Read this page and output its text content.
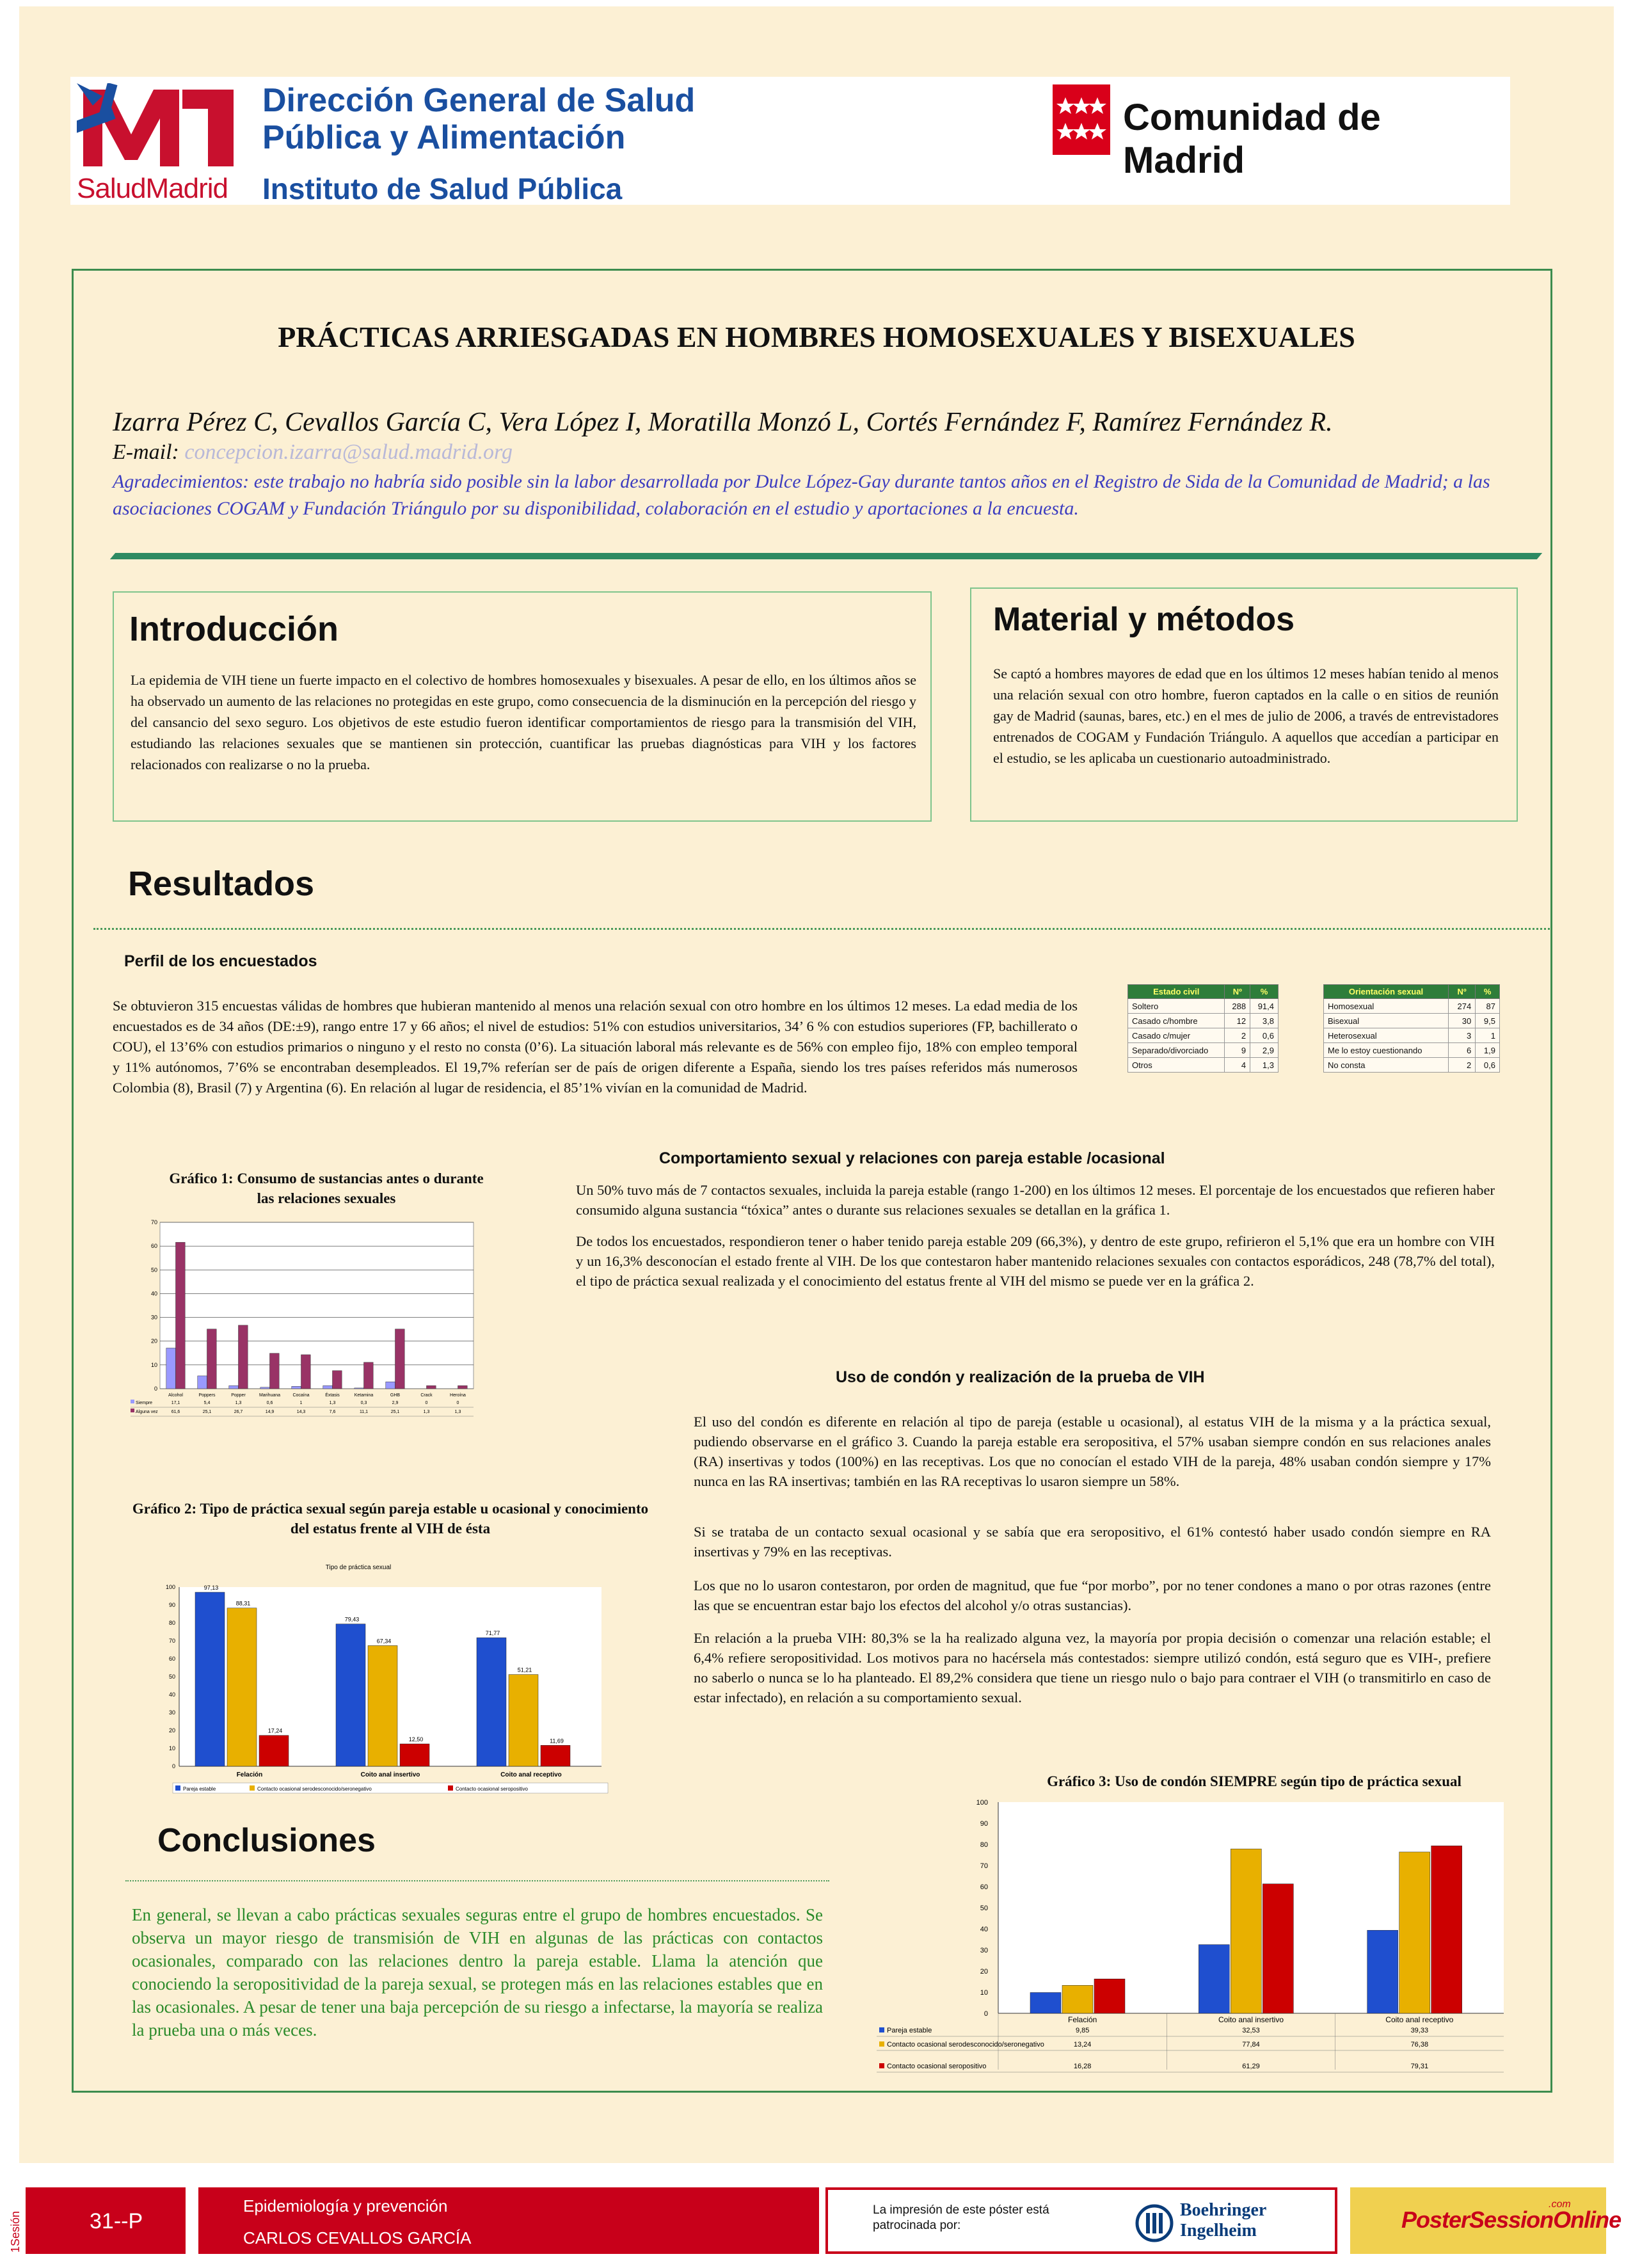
SaludMadrid
Dirección General de Salud
Pública y Alimentación
Instituto de Salud Pública
Comunidad de Madrid
PRÁCTICAS ARRIESGADAS EN HOMBRES HOMOSEXUALES Y BISEXUALES
Izarra Pérez C, Cevallos García C, Vera López I, Moratilla Monzó L, Cortés Fernández F, Ramírez Fernández R.
E-mail: concepcion.izarra@salud.madrid.org
Agradecimientos: este trabajo no habría sido posible sin la labor desarrollada por Dulce López-Gay durante tantos años en el Registro de Sida de la Comunidad de Madrid; a las asociaciones COGAM y Fundación Triángulo por su disponibilidad, colaboración en el estudio y aportaciones a la encuesta.
Introducción
La epidemia de VIH tiene un fuerte impacto en el colectivo de hombres homosexuales y bisexuales. A pesar de ello, en los últimos años se ha observado un aumento de las relaciones no protegidas en este grupo, como consecuencia de la disminución en la percepción del riesgo y del cansancio del sexo seguro. Los objetivos de este estudio fueron identificar comportamientos de riesgo para la transmisión del VIH, estudiando las relaciones sexuales que se mantienen sin protección, cuantificar las pruebas diagnósticas para VIH y los factores relacionados con realizarse o no la prueba.
Material y métodos
Se captó a hombres mayores de edad que en los últimos 12 meses habían tenido al menos una relación sexual con otro hombre, fueron captados en la calle o en sitios de reunión gay de Madrid (saunas, bares, etc.) en el mes de julio de 2006, a través de entrevistadores entrenados de COGAM y Fundación Triángulo. A aquellos que accedían a participar en el estudio, se les aplicaba un cuestionario autoadministrado.
Resultados
Perfil de los encuestados
Se obtuvieron 315 encuestas válidas de hombres que hubieran mantenido al menos una relación sexual con otro hombre en los últimos 12 meses. La edad media de los encuestados es de 34 años (DE:±9), rango entre 17 y 66 años; el nivel de estudios: 51% con estudios universitarios, 34’ 6 % con estudios superiores (FP, bachillerato o COU), el 13’6% con estudios primarios o ninguno y el resto no consta (0’6). La situación laboral más relevante es de 56% con empleo fijo, 18% con empleo temporal y 11% autónomos, 7’6% se encontraban desempleados. El 19,7% referían ser de país de origen diferente a España, siendo los tres países referidos más numerosos Colombia (8), Brasil (7) y Argentina (6). En relación al lugar de residencia, el 85’1% vivían en la comunidad de Madrid.
Estado civil	Nº	%
Soltero	288	91,4
Casado c/hombre	12	3,8
Casado c/mujer	2	0,6
Separado/divorciado	9	2,9
Otros	4	1,3
Orientación sexual	Nº	%
Homosexual	274	87
Bisexual	30	9,5
Heterosexual	3	1
Me lo estoy cuestionando	6	1,9
No consta	2	0,6
Comportamiento sexual y relaciones con pareja estable /ocasional
Un 50% tuvo más de 7 contactos sexuales, incluida la pareja estable (rango 1-200) en los últimos 12 meses. El porcentaje de los encuestados que refieren haber consumido alguna sustancia “tóxica” antes o durante sus relaciones sexuales se detallan en la gráfica 1.
De todos los encuestados, respondieron tener o haber tenido pareja estable 209 (66,3%), y dentro de este grupo, refirieron el 5,1% que era un hombre con VIH y un 16,3% desconocían el estado frente al VIH. De los que contestaron haber mantenido relaciones sexuales con contactos esporádicos, 248 (78,7% del total), el tipo de práctica sexual realizada y el conocimiento del estatus frente al VIH del mismo se puede ver en la gráfica 2.
Uso de condón y realización de la prueba de VIH
El uso del condón es diferente en relación al tipo de pareja (estable u ocasional), al estatus VIH de la misma y a la práctica sexual, pudiendo observarse en el gráfico 3. Cuando la pareja estable era seropositiva, el 57% usaban siempre condón en sus relaciones anales (RA) insertivas y todos (100%) en las receptivas. Los que no conocían el estado VIH de la pareja, 48% usaban condón siempre y 17% nunca en las RA insertivas; también en las RA receptivas lo usaron siempre un 58%.
Si se trataba de un contacto sexual ocasional y se sabía que era seropositivo, el 61% contestó haber usado condón siempre en RA insertivas y 79% en las receptivas.
Los que no lo usaron contestaron, por orden de magnitud, que fue “por morbo”, por no tener condones a mano o por otras razones (entre las que se encuentran estar bajo los efectos del alcohol y/o otras sustancias).
En relación a la prueba VIH: 80,3% se la ha realizado alguna vez, la mayoría por propia decisión o comenzar una relación estable; el 6,4% refiere seropositividad. Los motivos para no hacérsela más contestados: siempre utilizó condón, está seguro que es VIH-, prefiere no saberlo o nunca se lo ha planteado. El 89,2% considera que tiene un riesgo nulo o bajo para contraer el VIH (o transmitirlo en caso de estar infectado), en relación a su comportamiento sexual.
Gráfico 1: Consumo de sustancias antes o durante las relaciones sexuales
0
10
20
30
40
50
60
70
Alcohol	Poppers	Popper	Marihuana	Cocaína	Éxtasis	Ketamina	GHB	Crack	Heroína
Siempre	17,1	5,4	1,3	0,6	1	1,3	0,3	2,9	0	0
Alguna vez	61,6	25,1	26,7	14,9	14,3	7,6	11,1	25,1	1,3	1,3
Gráfico 2: Tipo de práctica sexual según pareja estable u ocasional y conocimiento del estatus frente al VIH de ésta
Tipo de práctica sexual
0
10
20
30
40
50
60
70
80
90
100	97,13
88,31
17,24
Felación
79,43
67,34
12,50
Coito anal insertivo
71,77
51,21
11,69
Coito anal receptivo
Pareja estable	Contacto ocasional serodesconocido/seronegativo	Contacto ocasional seropositivo	Gráfico 3: Uso de condón SIEMPRE según tipo de práctica sexual
0
10
20
30
40
50
60
70
80
90
100
Felación	Coito anal insertivo	Coito anal receptivo
Pareja estable	9,85	32,53	39,33
Contacto ocasional serodesconocido/seronegativo	13,24	77,84	76,38
Contacto ocasional seropositivo	16,28	61,29	79,31
Conclusiones
En general, se llevan a cabo prácticas sexuales seguras entre el grupo de hombres encuestados. Se observa un mayor riesgo de transmisión de VIH en algunas de las prácticas con contactos ocasionales, comparado con las relaciones dentro la pareja estable. Llama la atención que conociendo la seropositividad de la pareja sexual, se protegen más en las relaciones estables que en las ocasionales. A pesar de tener una baja percepción de su riesgo a infectarse, la mayoría se realiza la prueba una o más veces.
1Sesión	31--P
Epidemiología y prevención
CARLOS CEVALLOS GARCÍA
La impresión de este póster está patrocinada por:
Boehringer Ingelheim	PosterSessionOnline
.com
